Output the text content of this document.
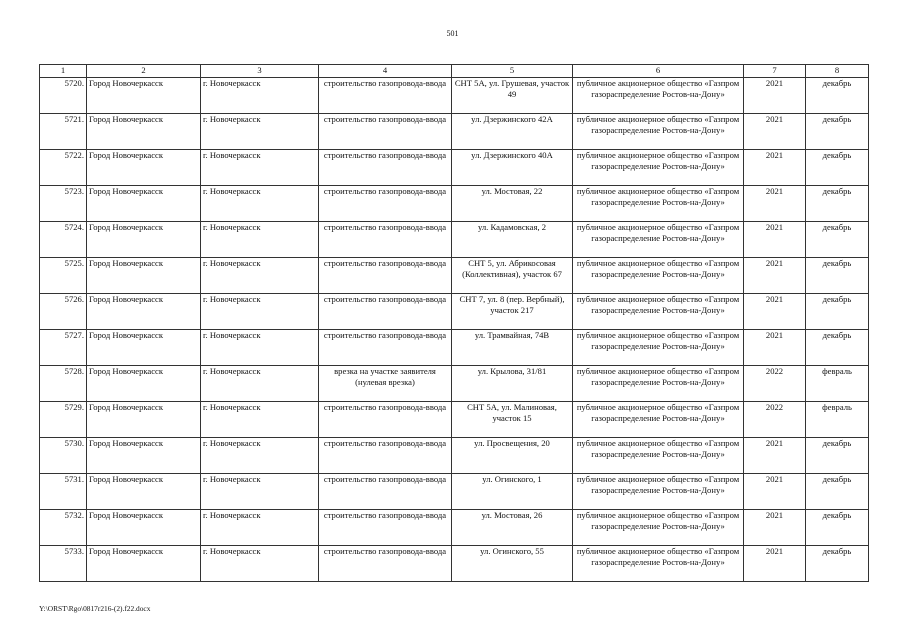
501
1	2	3	4	5	6	7	8
5720.	Город Новочеркасск	г. Новочеркасск	строительство газопровода-ввода	СНТ 5А, ул. Грушевая, участок 49	публичное акционерное общество «Газпром газораспределение Ростов-на-Дону»	2021	декабрь
5721.	Город Новочеркасск	г. Новочеркасск	строительство газопровода-ввода	ул. Дзержинского 42А	публичное акционерное общество «Газпром газораспределение Ростов-на-Дону»	2021	декабрь
5722.	Город Новочеркасск	г. Новочеркасск	строительство газопровода-ввода	ул. Дзержинского 40А	публичное акционерное общество «Газпром газораспределение Ростов-на-Дону»	2021	декабрь
5723.	Город Новочеркасск	г. Новочеркасск	строительство газопровода-ввода	ул. Мостовая, 22	публичное акционерное общество «Газпром газораспределение Ростов-на-Дону»	2021	декабрь
5724.	Город Новочеркасск	г. Новочеркасск	строительство газопровода-ввода	ул. Кадамовская, 2	публичное акционерное общество «Газпром газораспределение Ростов-на-Дону»	2021	декабрь
5725.	Город Новочеркасск	г. Новочеркасск	строительство газопровода-ввода	СНТ 5, ул. Абрикосовая (Коллективная), участок 67	публичное акционерное общество «Газпром газораспределение Ростов-на-Дону»	2021	декабрь
5726.	Город Новочеркасск	г. Новочеркасск	строительство газопровода-ввода	СНТ 7, ул. 8 (пер. Вербный), участок 217	публичное акционерное общество «Газпром газораспределение Ростов-на-Дону»	2021	декабрь
5727.	Город Новочеркасск	г. Новочеркасск	строительство газопровода-ввода	ул. Трамвайная, 74В	публичное акционерное общество «Газпром газораспределение Ростов-на-Дону»	2021	декабрь
5728.	Город Новочеркасск	г. Новочеркасск	врезка на участке заявителя (нулевая врезка)	ул. Крылова, 31/81	публичное акционерное общество «Газпром газораспределение Ростов-на-Дону»	2022	февраль
5729.	Город Новочеркасск	г. Новочеркасск	строительство газопровода-ввода	СНТ 5А, ул. Малиновая, участок 15	публичное акционерное общество «Газпром газораспределение Ростов-на-Дону»	2022	февраль
5730.	Город Новочеркасск	г. Новочеркасск	строительство газопровода-ввода	ул. Просвещения, 20	публичное акционерное общество «Газпром газораспределение Ростов-на-Дону»	2021	декабрь
5731.	Город Новочеркасск	г. Новочеркасск	строительство газопровода-ввода	ул. Огинского, 1	публичное акционерное общество «Газпром газораспределение Ростов-на-Дону»	2021	декабрь
5732.	Город Новочеркасск	г. Новочеркасск	строительство газопровода-ввода	ул. Мостовая, 26	публичное акционерное общество «Газпром газораспределение Ростов-на-Дону»	2021	декабрь
5733.	Город Новочеркасск	г. Новочеркасск	строительство газопровода-ввода	ул. Огинского, 55	публичное акционерное общество «Газпром газораспределение Ростов-на-Дону»	2021	декабрь
Y:\ORST\Rgo\0817r216-(2).f22.docx
